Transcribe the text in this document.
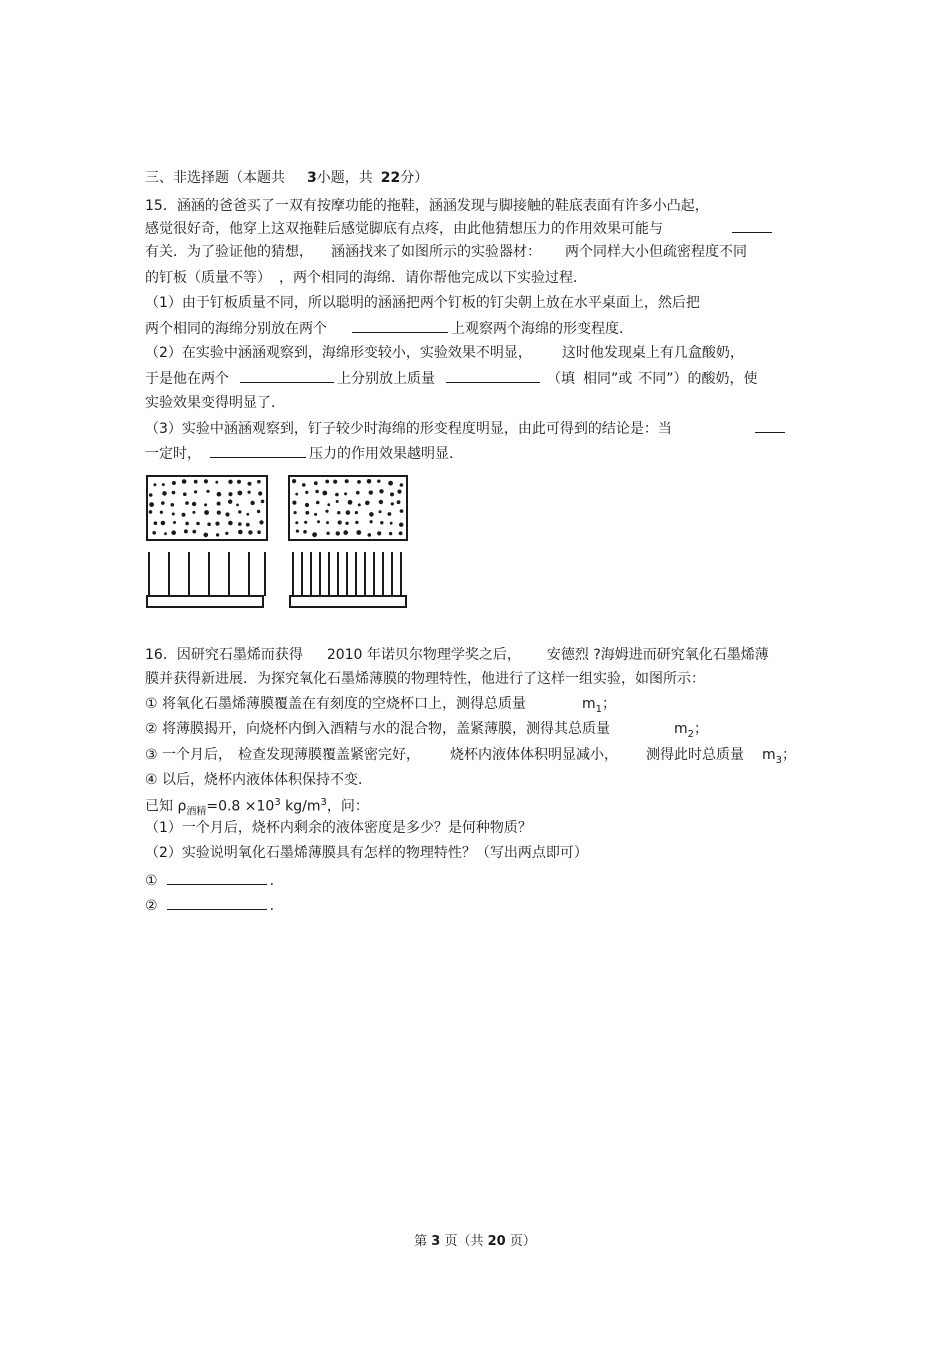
三、非选择题（本题共 3小题，共 22分）
15．涵涵的爸爸买了一双有按摩功能的拖鞋，涵涵发现与脚接触的鞋底表面有许多小凸起，
感觉很好奇，他穿上这双拖鞋后感觉脚底有点疼，由此他猜想压力的作用效果可能与
有关．为了验证他的猜想， 涵涵找来了如图所示的实验器材： 两个同样大小但疏密程度不同
的钉板（质量不等） ，两个相同的海绵．请你帮他完成以下实验过程．
（1）由于钉板质量不同，所以聪明的涵涵把两个钉板的钉尖朝上放在水平桌面上，然后把
两个相同的海绵分别放在两个	上观察两个海绵的形变程度．
（2）在实验中涵涵观察到，海绵形变较小，实验效果不明显， 这时他发现桌上有几盒酸奶，
于是他在两个	上分别放上质量	（填 相同”或 不同”）的酸奶，使
实验效果变得明显了．
（3）实验中涵涵观察到，钉子较少时海绵的形变程度明显，由此可得到的结论是：当
一定时，	压力的作用效果越明显．
16．因研究石墨烯而获得 2010 年诺贝尔物理学奖之后， 安德烈 ?海姆进而研究氧化石墨烯薄
膜并获得新进展．为探究氧化石墨烯薄膜的物理特性，他进行了这样一组实验，如图所示：
① 将氧化石墨烯薄膜覆盖在有刻度的空烧杯口上，测得总质量	$m_1$；
② 将薄膜揭开，向烧杯内倒入酒精与水的混合物，盖紧薄膜，测得其总质量	$m_2$；
③ 一个月后， 检查发现薄膜覆盖紧密完好， 烧杯内液体体积明显减小， 测得此时总质量 $m_3$；
④ 以后，烧杯内液体体积保持不变．
已知 $\rho_{酒精}=0.8 \times 10^3$ $kg/m^3$，问：
（1）一个月后，烧杯内剩余的液体密度是多少？是何种物质？
（2）实验说明氧化石墨烯薄膜具有怎样的物理特性？（写出两点即可）
①	.
②	.
第 3 页（共 20 页）
